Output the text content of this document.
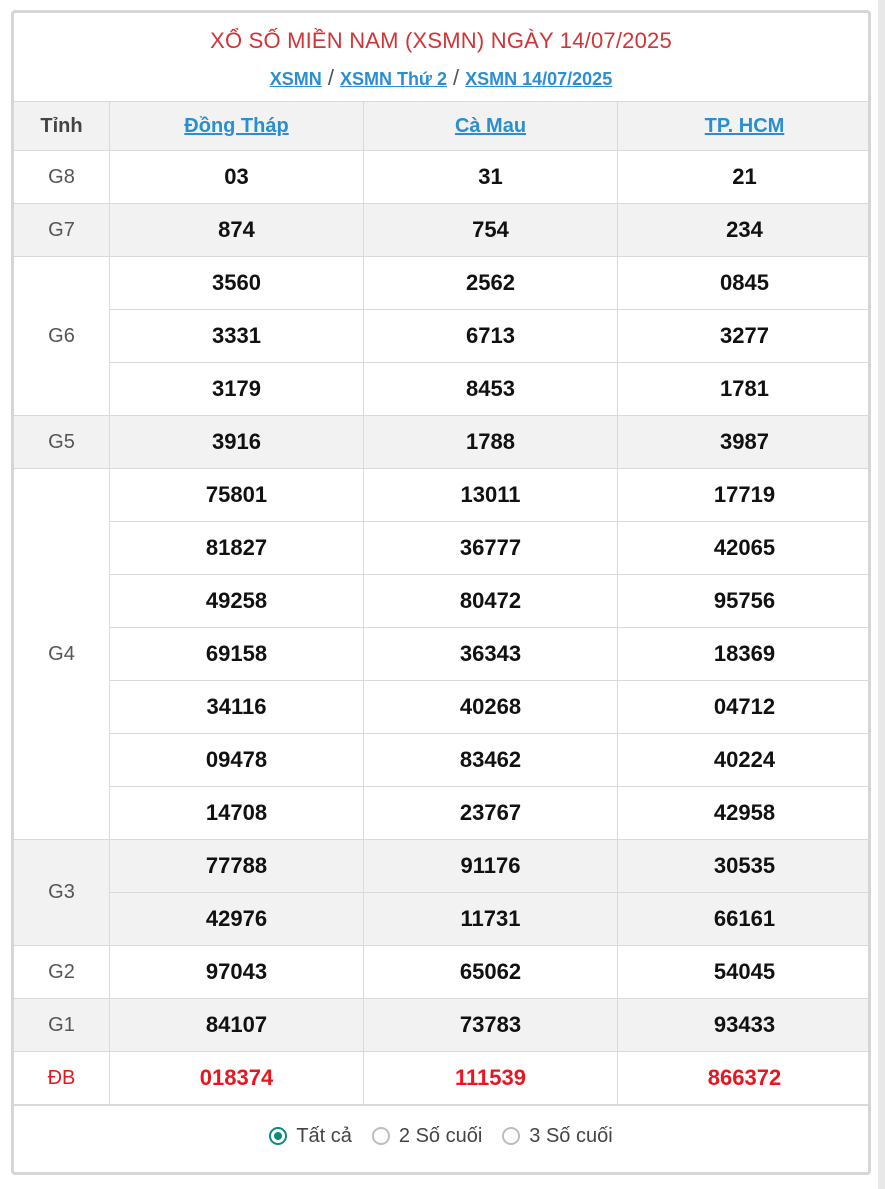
XỔ SỐ MIỀN NAM (XSMN) NGÀY 14/07/2025
XSMN / XSMN Thứ 2 / XSMN 14/07/2025
Tỉnh	Đồng Tháp	Cà Mau	TP. HCM
G8	03	31	21
G7	874	754	234
G6	3560	2562	0845
	3331	6713	3277
	3179	8453	1781
G5	3916	1788	3987
G4	75801	13011	17719
	81827	36777	42065
	49258	80472	95756
	69158	36343	18369
	34116	40268	04712
	09478	83462	40224
	14708	23767	42958
G3	77788	91176	30535
	42976	11731	66161
G2	97043	65062	54045
G1	84107	73783	93433
ĐB	018374	111539	866372
Tất cả 2 Số cuối 3 Số cuối
